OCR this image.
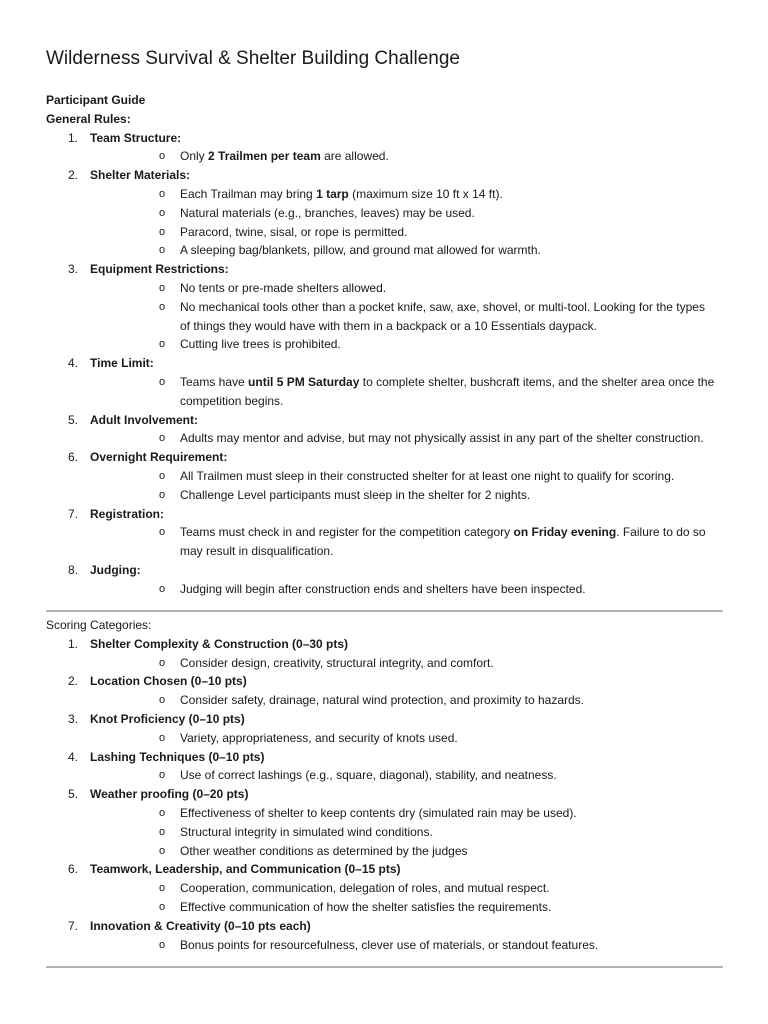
Wilderness Survival & Shelter Building Challenge
Participant Guide
General Rules:
1. Team Structure:
o Only 2 Trailmen per team are allowed.
2. Shelter Materials:
o Each Trailman may bring 1 tarp (maximum size 10 ft x 14 ft).
o Natural materials (e.g., branches, leaves) may be used.
o Paracord, twine, sisal, or rope is permitted.
o A sleeping bag/blankets, pillow, and ground mat allowed for warmth.
3. Equipment Restrictions:
o No tents or pre-made shelters allowed.
o No mechanical tools other than a pocket knife, saw, axe, shovel, or multi-tool. Looking for the types of things they would have with them in a backpack or a 10 Essentials daypack.
o Cutting live trees is prohibited.
4. Time Limit:
o Teams have until 5 PM Saturday to complete shelter, bushcraft items, and the shelter area once the competition begins.
5. Adult Involvement:
o Adults may mentor and advise, but may not physically assist in any part of the shelter construction.
6. Overnight Requirement:
o All Trailmen must sleep in their constructed shelter for at least one night to qualify for scoring.
o Challenge Level participants must sleep in the shelter for 2 nights.
7. Registration:
o Teams must check in and register for the competition category on Friday evening. Failure to do so may result in disqualification.
8. Judging:
o Judging will begin after construction ends and shelters have been inspected.
Scoring Categories:
1. Shelter Complexity & Construction (0–30 pts)
o Consider design, creativity, structural integrity, and comfort.
2. Location Chosen (0–10 pts)
o Consider safety, drainage, natural wind protection, and proximity to hazards.
3. Knot Proficiency (0–10 pts)
o Variety, appropriateness, and security of knots used.
4. Lashing Techniques (0–10 pts)
o Use of correct lashings (e.g., square, diagonal), stability, and neatness.
5. Weather proofing (0–20 pts)
o Effectiveness of shelter to keep contents dry (simulated rain may be used).
o Structural integrity in simulated wind conditions.
o Other weather conditions as determined by the judges
6. Teamwork, Leadership, and Communication (0–15 pts)
o Cooperation, communication, delegation of roles, and mutual respect.
o Effective communication of how the shelter satisfies the requirements.
7. Innovation & Creativity (0–10 pts each)
o Bonus points for resourcefulness, clever use of materials, or standout features.
